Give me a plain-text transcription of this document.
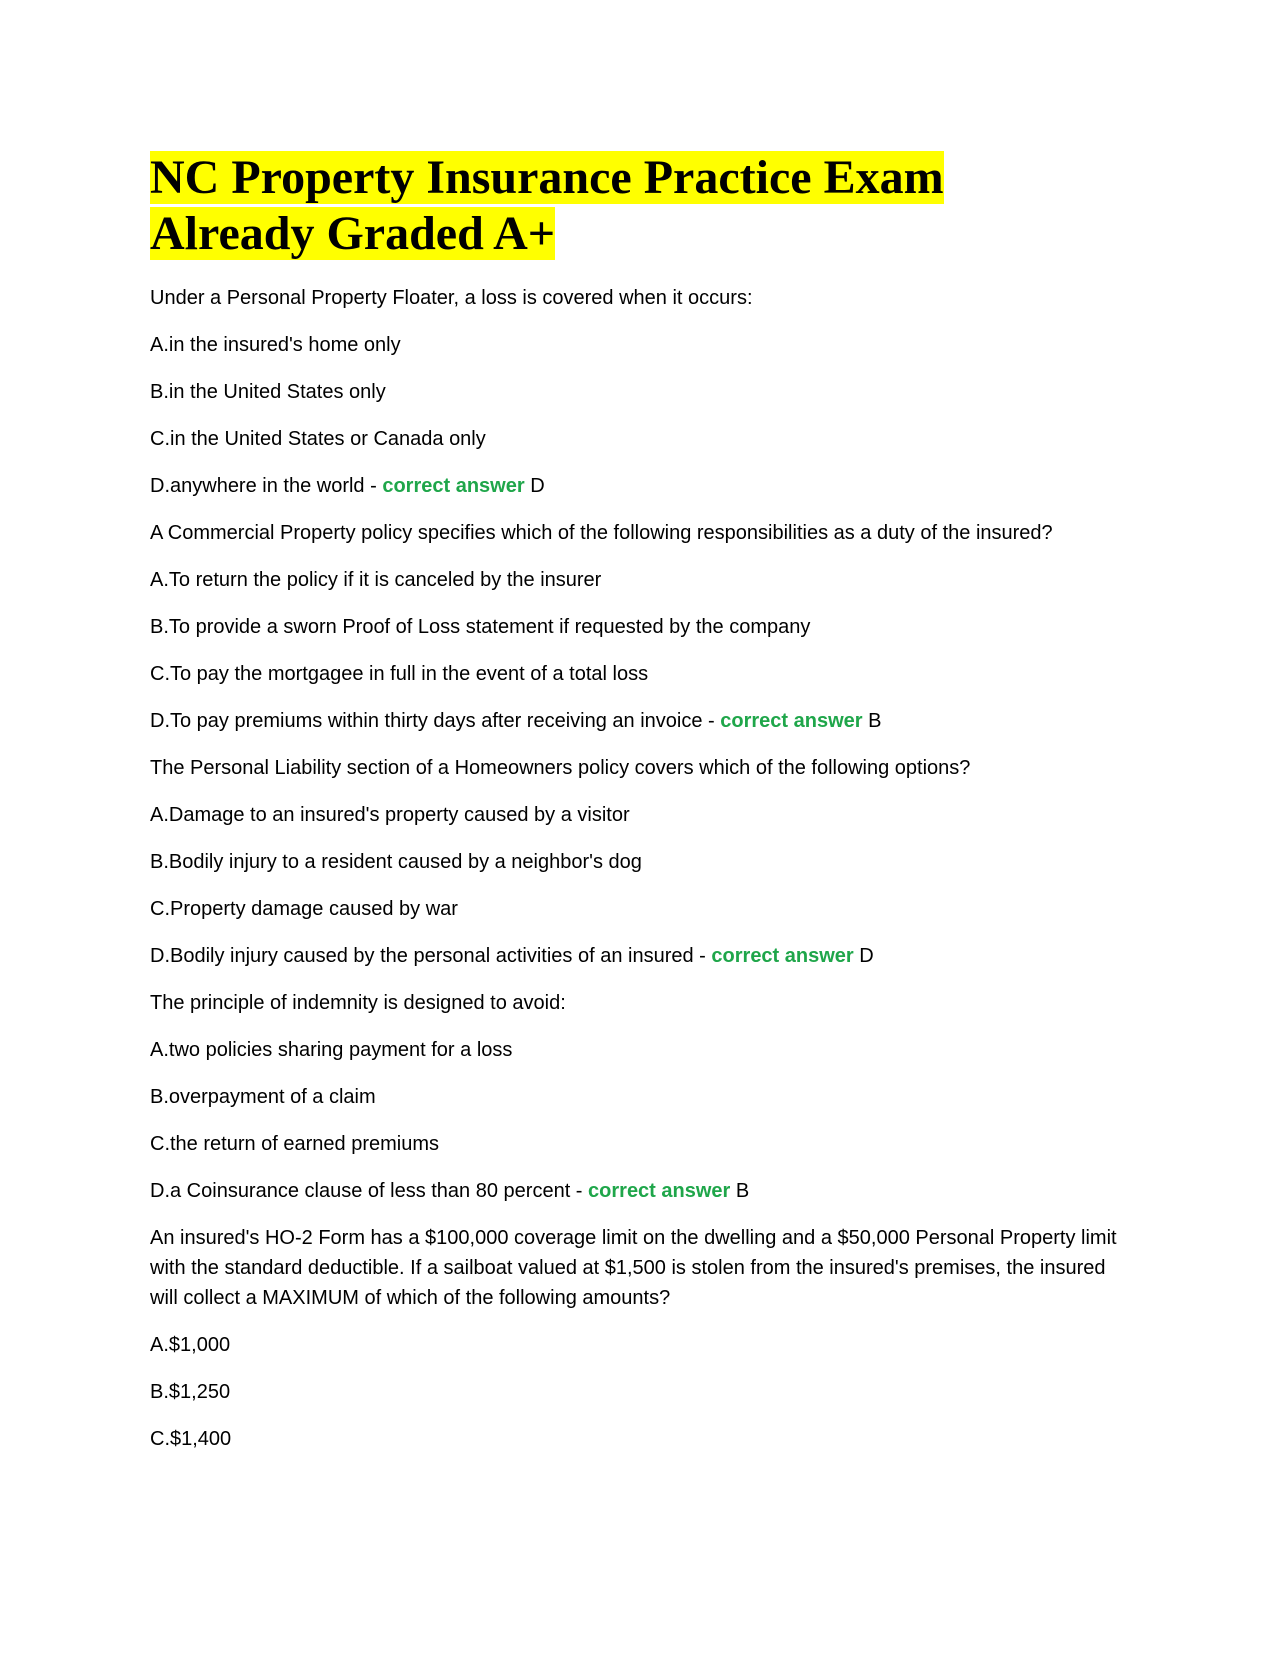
NC Property Insurance Practice Exam
Already Graded A+

Under a Personal Property Floater, a loss is covered when it occurs:

A.in the insured's home only

B.in the United States only

C.in the United States or Canada only

D.anywhere in the world - correct answer D

A Commercial Property policy specifies which of the following responsibilities as a duty of the insured?

A.To return the policy if it is canceled by the insurer

B.To provide a sworn Proof of Loss statement if requested by the company

C.To pay the mortgagee in full in the event of a total loss

D.To pay premiums within thirty days after receiving an invoice - correct answer B

The Personal Liability section of a Homeowners policy covers which of the following options?

A.Damage to an insured's property caused by a visitor

B.Bodily injury to a resident caused by a neighbor's dog

C.Property damage caused by war

D.Bodily injury caused by the personal activities of an insured - correct answer D

The principle of indemnity is designed to avoid:

A.two policies sharing payment for a loss

B.overpayment of a claim

C.the return of earned premiums

D.a Coinsurance clause of less than 80 percent - correct answer B

An insured's HO-2 Form has a $100,000 coverage limit on the dwelling and a $50,000 Personal Property limit with the standard deductible. If a sailboat valued at $1,500 is stolen from the insured's premises, the insured will collect a MAXIMUM of which of the following amounts?

A.$1,000

B.$1,250

C.$1,400
